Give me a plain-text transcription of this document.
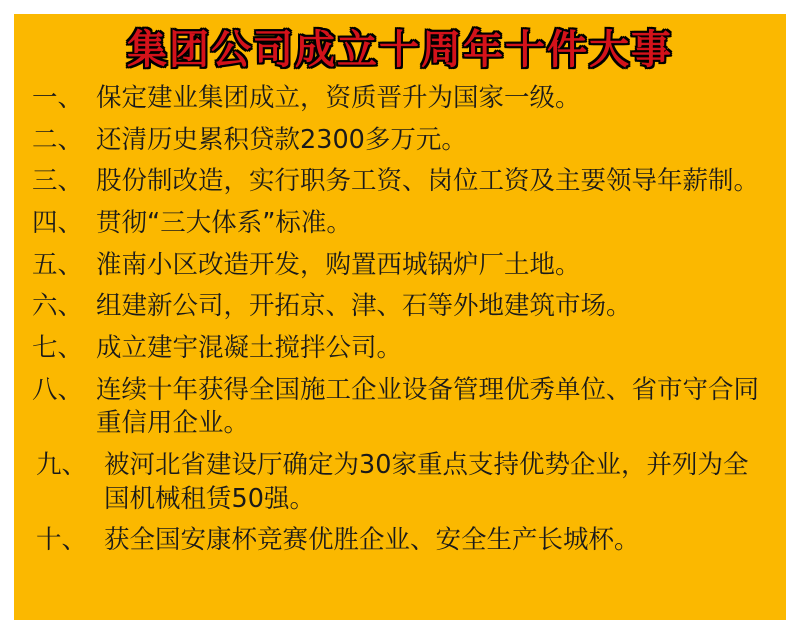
集团公司成立十周年十件大事
一、 保定建业集团成立，资质晋升为国家一级。
二、 还清历史累积贷款2300多万元。
三、 股份制改造，实行职务工资、岗位工资及主要领导年薪制。
四、 贯彻“三大体系”标准。
五、 淮南小区改造开发，购置西城锅炉厂土地。
六、 组建新公司，开拓京、津、石等外地建筑市场。
七、 成立建宇混凝土搅拌公司。
八、 连续十年获得全国施工企业设备管理优秀单位、省市守合同重信用企业。
九、 被河北省建设厅确定为30家重点支持优势企业，并列为全国机械租赁50强。
十、 获全国安康杯竞赛优胜企业、安全生产长城杯。
